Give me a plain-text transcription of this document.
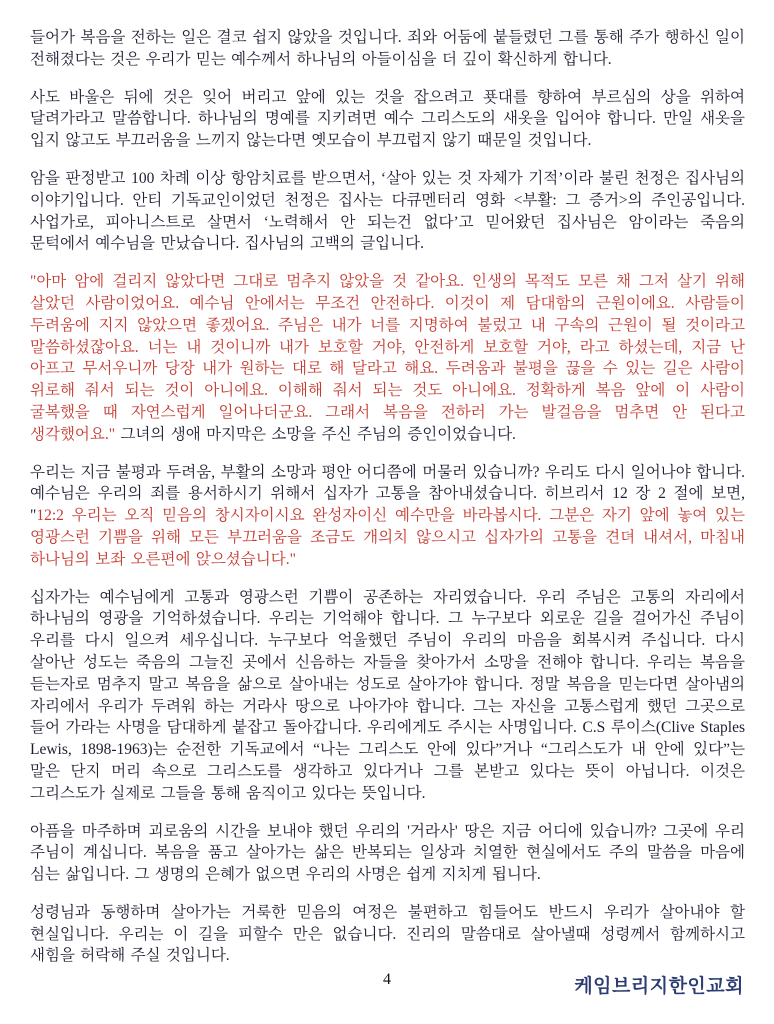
들어가 복음을 전하는 일은 결코 쉽지 않았을 것입니다. 죄와 어둠에 붙들렸던 그를 통해 주가 행하신 일이 전해졌다는 것은 우리가 믿는 예수께서 하나님의 아들이심을 더 깊이 확신하게 합니다.

사도 바울은 뒤에 것은 잊어 버리고 앞에 있는 것을 잡으려고 푯대를 향하여 부르심의 상을 위하여 달려가라고 말씀합니다. 하나님의 명예를 지키려면 예수 그리스도의 새옷을 입어야 합니다. 만일 새옷을 입지 않고도 부끄러움을 느끼지 않는다면 옛모습이 부끄럽지 않기 때문일 것입니다.

암을 판정받고 100 차례 이상 항암치료를 받으면서, ‘살아 있는 것 자체가 기적’이라 불린 천정은 집사님의 이야기입니다. 안티 기독교인이었던 천정은 집사는 다큐멘터리 영화 <부활: 그 증거>의 주인공입니다. 사업가로, 피아니스트로 살면서 ‘노력해서 안 되는건 없다’고 믿어왔던 집사님은 암이라는 죽음의 문턱에서 예수님을 만났습니다. 집사님의 고백의 글입니다.

"아마 암에 걸리지 않았다면 그대로 멈추지 않았을 것 같아요. 인생의 목적도 모른 채 그저 살기 위해 살았던 사람이었어요. 예수님 안에서는 무조건 안전하다. 이것이 제 담대함의 근원이에요. 사람들이 두려움에 지지 않았으면 좋겠어요. 주님은 내가 너를 지명하여 불렀고 내 구속의 근원이 될 것이라고 말씀하셨잖아요. 너는 내 것이니까 내가 보호할 거야, 안전하게 보호할 거야, 라고 하셨는데, 지금 난 아프고 무서우니까 당장 내가 원하는 대로 해 달라고 해요. 두려움과 불평을 끊을 수 있는 길은 사람이 위로해 줘서 되는 것이 아니에요. 이해해 줘서 되는 것도 아니에요. 정확하게 복음 앞에 이 사람이 굴복했을 때 자연스럽게 일어나더군요. 그래서 복음을 전하러 가는 발걸음을 멈추면 안 된다고 생각했어요." 그녀의 생애 마지막은 소망을 주신 주님의 증인이었습니다.

우리는 지금 불평과 두려움, 부활의 소망과 평안 어디쯤에 머물러 있습니까? 우리도 다시 일어나야 합니다. 예수님은 우리의 죄를 용서하시기 위해서 십자가 고통을 참아내셨습니다. 히브리서 12 장 2 절에 보면, "12:2 우리는 오직 믿음의 창시자이시요 완성자이신 예수만을 바라봅시다. 그분은 자기 앞에 놓여 있는 영광스런 기쁨을 위해 모든 부끄러움을 조금도 개의치 않으시고 십자가의 고통을 견뎌 내셔서, 마침내 하나님의 보좌 오른편에 앉으셨습니다."

십자가는 예수님에게 고통과 영광스런 기쁨이 공존하는 자리였습니다. 우리 주님은 고통의 자리에서 하나님의 영광을 기억하셨습니다. 우리는 기억해야 합니다. 그 누구보다 외로운 길을 걸어가신 주님이 우리를 다시 일으켜 세우십니다. 누구보다 억울했던 주님이 우리의 마음을 회복시켜 주십니다. 다시 살아난 성도는 죽음의 그늘진 곳에서 신음하는 자들을 찾아가서 소망을 전해야 합니다. 우리는 복음을 듣는자로 멈추지 말고 복음을 삶으로 살아내는 성도로 살아가야 합니다. 정말 복음을 믿는다면 살아냄의 자리에서 우리가 두려워 하는 거라사 땅으로 나아가야 합니다. 그는 자신을 고통스럽게 했던 그곳으로 들어 가라는 사명을 담대하게 붙잡고 돌아갑니다. 우리에게도 주시는 사명입니다. C.S 루이스(Clive Staples Lewis, 1898-1963)는 순전한 기독교에서 “나는 그리스도 안에 있다”거나 “그리스도가 내 안에 있다”는 말은 단지 머리 속으로 그리스도를 생각하고 있다거나 그를 본받고 있다는 뜻이 아닙니다. 이것은 그리스도가 실제로 그들을 통해 움직이고 있다는 뜻입니다.

아픔을 마주하며 괴로움의 시간을 보내야 했던 우리의 '거라사' 땅은 지금 어디에 있습니까? 그곳에 우리 주님이 계십니다. 복음을 품고 살아가는 삶은 반복되는 일상과 치열한 현실에서도 주의 말씀을 마음에 심는 삶입니다. 그 생명의 은혜가 없으면 우리의 사명은 쉽게 지치게 됩니다.

성령님과 동행하며 살아가는 거룩한 믿음의 여정은 불편하고 힘들어도 반드시 우리가 살아내야 할 현실입니다. 우리는 이 길을 피할수 만은 없습니다. 진리의 말씀대로 살아낼때 성령께서 함께하시고 새힘을 허락해 주실 것입니다.

4	케임브리지한인교회
